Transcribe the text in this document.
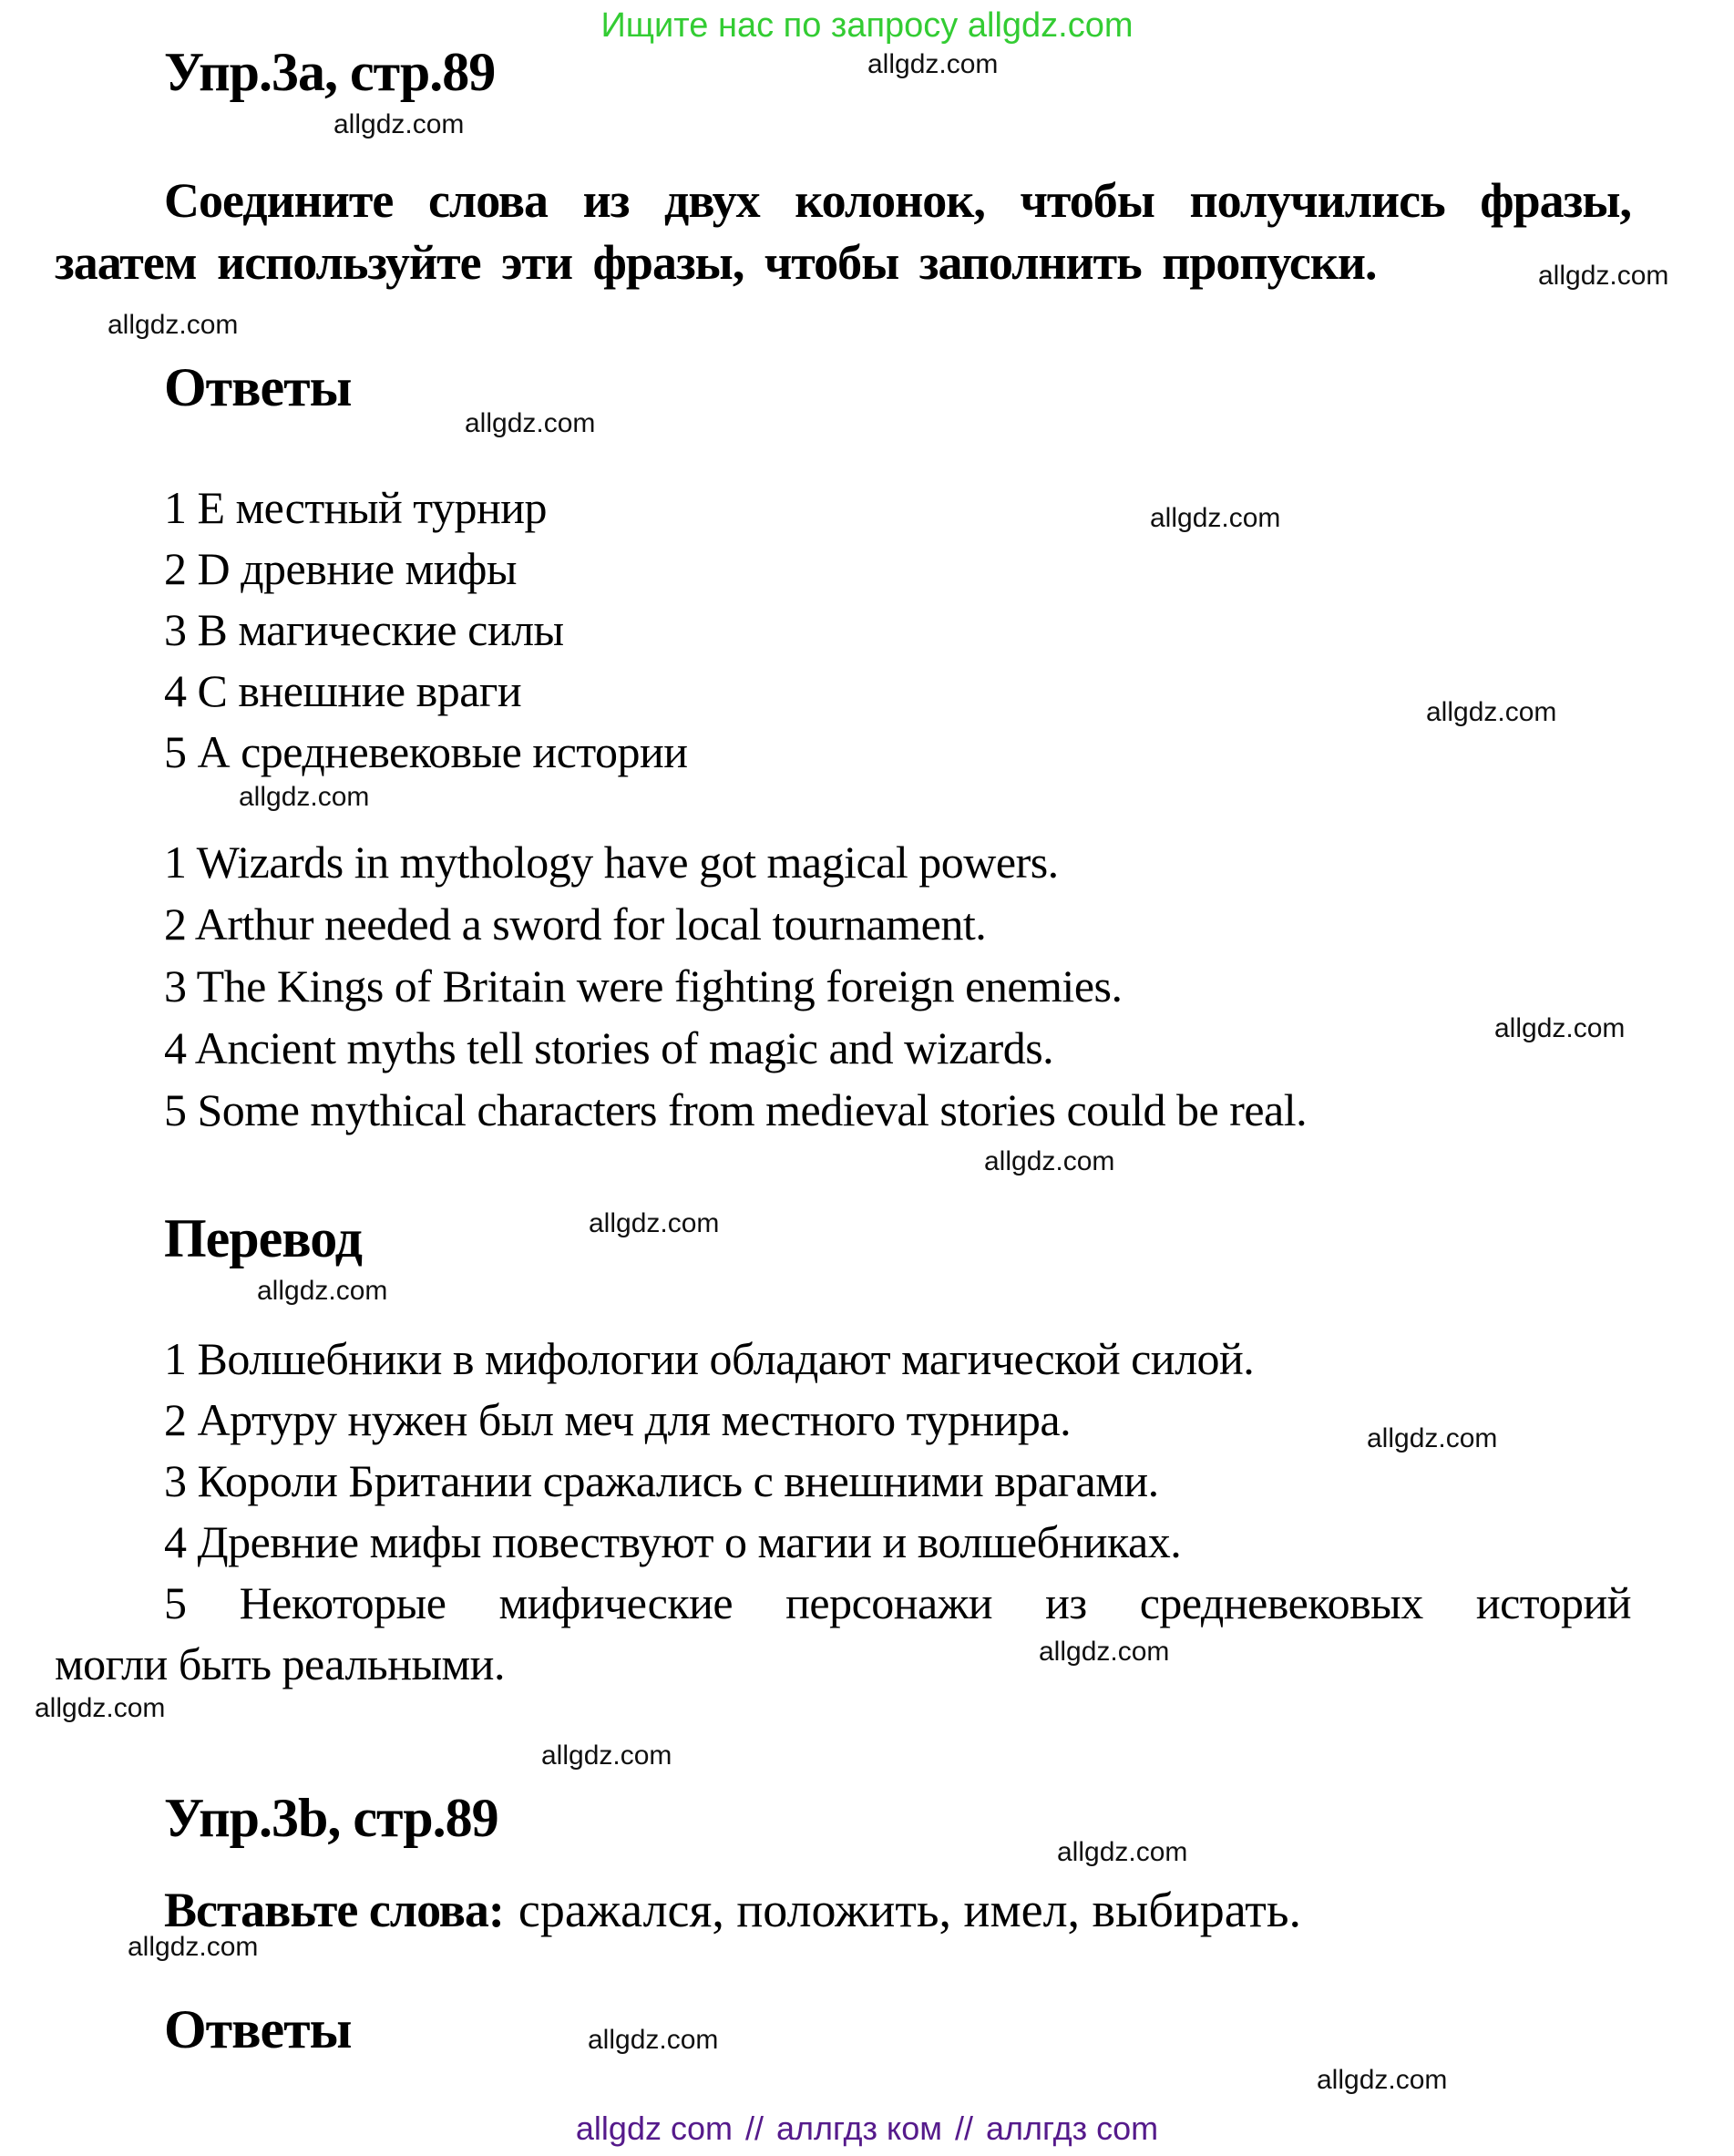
Ищите нас по запросу allgdz.com
allgdz.com
allgdz.com
allgdz.com
allgdz.com
allgdz.com
allgdz.com
allgdz.com
allgdz.com
allgdz.com
allgdz.com
allgdz.com
allgdz.com
allgdz.com
allgdz.com
allgdz.com
allgdz.com
allgdz.com
allgdz.com
allgdz.com
allgdz.com
Упр.3а, стр.89
Соедините слова из двух колонок, чтобы получились фразы,
заатем используйте эти фразы, чтобы заполнить пропуски.
Ответы
1 Е местный турнир
2 D древние мифы
3 В магические силы
4 С внешние враги
5 А средневековые истории
1 Wizards in mythology have got magical powers.
2 Arthur needed a sword for local tournament.
3 The Kings of Britain were fighting foreign enemies.
4 Ancient myths tell stories of magic and wizards.
5 Some mythical characters from medieval stories could be real.
Перевод
1 Волшебники в мифологии обладают магической силой.
2 Артуру нужен был меч для местного турнира.
3 Короли Британии сражались с внешними врагами.
4 Древние мифы повествуют о магии и волшебниках.
5 Некоторые мифические персонажи из средневековых историй
могли быть реальными.
Упр.3b, стр.89
Вставьте слова: сражался, положить, имел, выбирать.
Ответы
allgdz com // аллгдз ком // аллгдз com
